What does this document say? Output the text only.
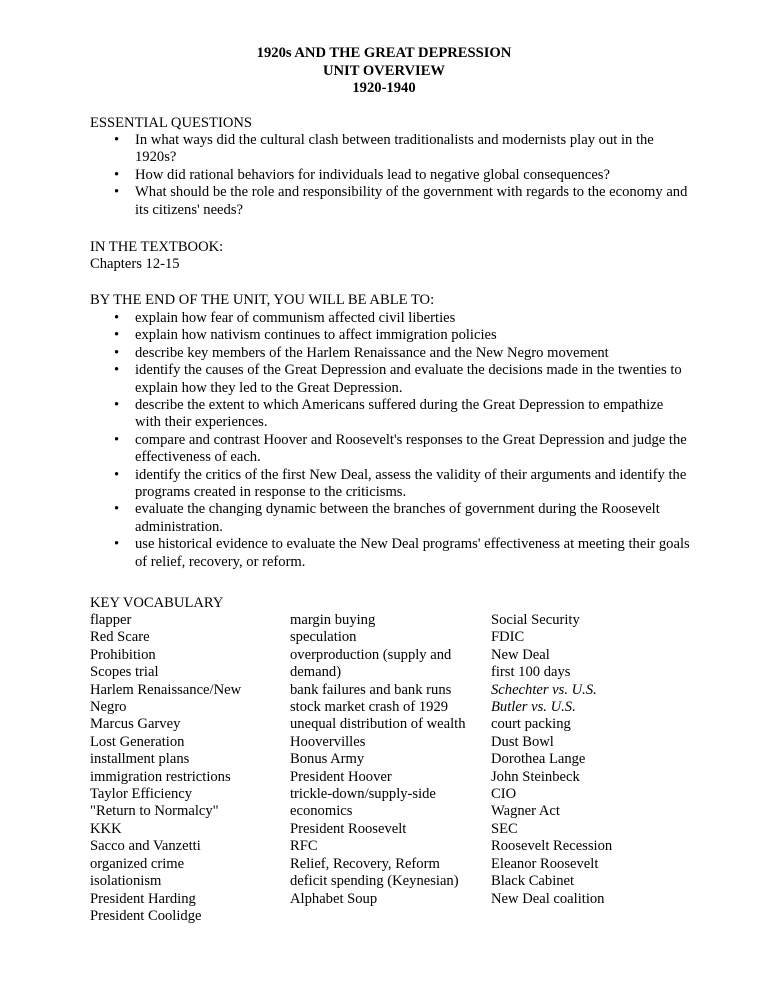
1920s AND THE GREAT DEPRESSION
UNIT OVERVIEW
1920-1940
ESSENTIAL QUESTIONS
• In what ways did the cultural clash between traditionalists and modernists play out in the 1920s?
• How did rational behaviors for individuals lead to negative global consequences?
• What should be the role and responsibility of the government with regards to the economy and its citizens' needs?
IN THE TEXTBOOK:
Chapters 12-15
BY THE END OF THE UNIT, YOU WILL BE ABLE TO:
• explain how fear of communism affected civil liberties
• explain how nativism continues to affect immigration policies
• describe key members of the Harlem Renaissance and the New Negro movement
• identify the causes of the Great Depression and evaluate the decisions made in the twenties to explain how they led to the Great Depression.
• describe the extent to which Americans suffered during the Great Depression to empathize with their experiences.
• compare and contrast Hoover and Roosevelt's responses to the Great Depression and judge the effectiveness of each.
• identify the critics of the first New Deal, assess the validity of their arguments and identify the programs created in response to the criticisms.
• evaluate the changing dynamic between the branches of government during the Roosevelt administration.
• use historical evidence to evaluate the New Deal programs' effectiveness at meeting their goals of relief, recovery, or reform.
KEY VOCABULARY
flapper
Red Scare
Prohibition
Scopes trial
Harlem Renaissance/New
Negro
Marcus Garvey
Lost Generation
installment plans
immigration restrictions
Taylor Efficiency
"Return to Normalcy"
KKK
Sacco and Vanzetti
organized crime
isolationism
President Harding
President Coolidge
margin buying
speculation
overproduction (supply and
demand)
bank failures and bank runs
stock market crash of 1929
unequal distribution of wealth
Hoovervilles
Bonus Army
President Hoover
trickle-down/supply-side
economics
President Roosevelt
RFC
Relief, Recovery, Reform
deficit spending (Keynesian)
Alphabet Soup
Social Security
FDIC
New Deal
first 100 days
Schechter vs. U.S.
Butler vs. U.S.
court packing
Dust Bowl
Dorothea Lange
John Steinbeck
CIO
Wagner Act
SEC
Roosevelt Recession
Eleanor Roosevelt
Black Cabinet
New Deal coalition
